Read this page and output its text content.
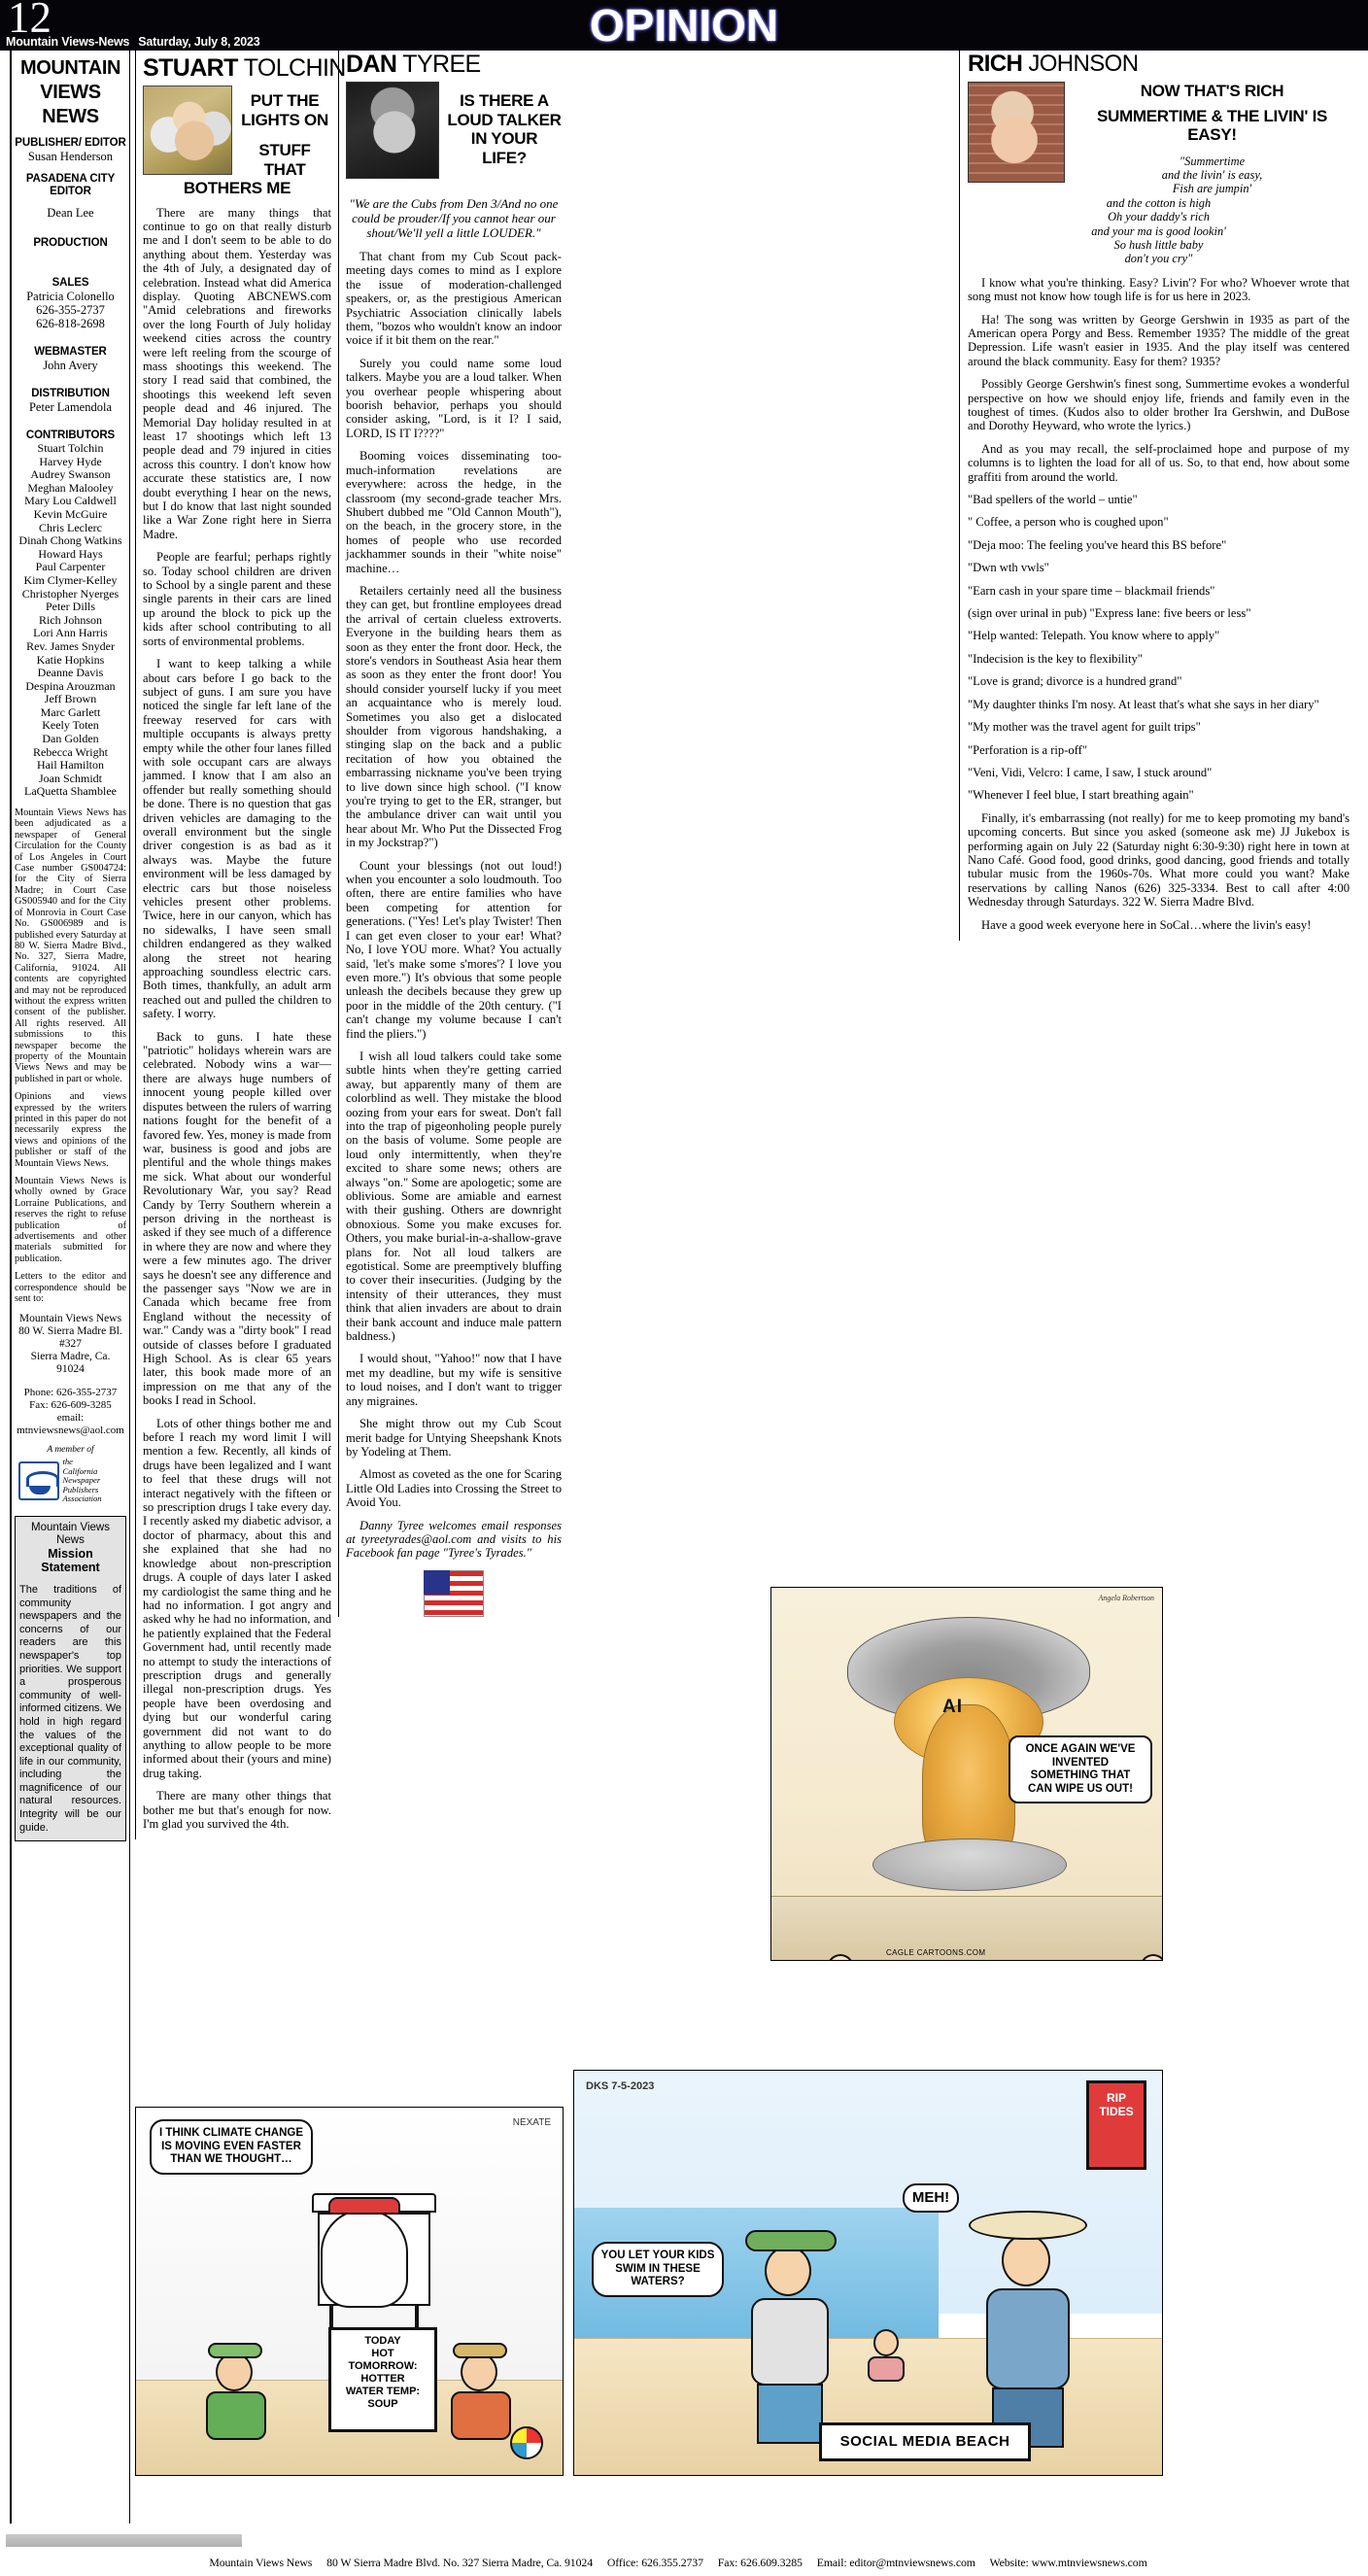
12
Mountain Views-News Saturday, July 8, 2023	OPINION
MOUNTAIN
VIEWS
NEWS
PUBLISHER/ EDITOR
Susan Henderson
PASADENA CITY EDITOR
Dean Lee
PRODUCTION
SALES
Patricia Colonello
626-355-2737
626-818-2698
WEBMASTER
John Avery
DISTRIBUTION
Peter Lamendola
CONTRIBUTORS
Stuart Tolchin
Harvey Hyde
Audrey Swanson
Meghan Malooley
Mary Lou Caldwell
Kevin McGuire
Chris Leclerc
Dinah Chong Watkins
Howard Hays
Paul Carpenter
Kim Clymer-Kelley
Christopher Nyerges
Peter Dills
Rich Johnson
Lori Ann Harris
Rev. James Snyder
Katie Hopkins
Deanne Davis
Despina Arouzman
Jeff Brown
Marc Garlett
Keely Toten
Dan Golden
Rebecca Wright
Hail Hamilton
Joan Schmidt
LaQuetta Shamblee

Mountain Views News has been adjudicated as a newspaper of General Circulation for the County of Los Angeles in Court Case number GS004724: for the City of Sierra Madre; in Court Case GS005940 and for the City of Monrovia in Court Case No. GS006989 and is published every Saturday at 80 W. Sierra Madre Blvd., No. 327, Sierra Madre, California, 91024. All contents are copyrighted and may not be reproduced without the express written consent of the publisher. All rights reserved. All submissions to this newspaper become the property of the Mountain Views News and may be published in part or whole.

Opinions and views expressed by the writers printed in this paper do not necessarily express the views and opinions of the publisher or staff of the Mountain Views News.

Mountain Views News is wholly owned by Grace Lorraine Publications, and reserves the right to refuse publication of advertisements and other materials submitted for publication.

Letters to the editor and correspondence should be sent to:

Mountain Views News
80 W. Sierra Madre Bl.
#327
Sierra Madre, Ca.
91024
Phone: 626-355-2737
Fax: 626-609-3285
email:
mtnviewsnews@aol.com
A member of
the
California
Newspaper
Publishers
Association
Mountain Views News
Mission Statement
The traditions of community newspapers and the concerns of our readers are this newspaper's top priorities. We support a prosperous community of well-informed citizens. We hold in high regard the values of the exceptional quality of life in our community, including the magnificence of our natural resources. Integrity will be our guide.
STUART TOLCHIN
PUT THE LIGHTS ON
STUFF THAT BOTHERS ME

There are many things that continue to go on that really disturb me and I don't seem to be able to do anything about them. Yesterday was the 4th of July, a designated day of celebration. Instead what did America display. Quoting ABCNEWS.com "Amid celebrations and fireworks over the long Fourth of July holiday weekend cities across the country were left reeling from the scourge of mass shootings this weekend. The story I read said that combined, the shootings this weekend left seven people dead and 46 injured. The Memorial Day holiday resulted in at least 17 shootings which left 13 people dead and 79 injured in cities across this country. I don't know how accurate these statistics are, I now doubt everything I hear on the news, but I do know that last night sounded like a War Zone right here in Sierra Madre.

People are fearful; perhaps rightly so. Today school children are driven to School by a single parent and these single parents in their cars are lined up around the block to pick up the kids after school contributing to all sorts of environmental problems.

I want to keep talking a while about cars before I go back to the subject of guns. I am sure you have noticed the single far left lane of the freeway reserved for cars with multiple occupants is always pretty empty while the other four lanes filled with sole occupant cars are always jammed. I know that I am also an offender but really something should be done. There is no question that gas driven vehicles are damaging to the overall environment but the single driver congestion is as bad as it always was. Maybe the future environment will be less damaged by electric cars but those noiseless vehicles present other problems. Twice, here in our canyon, which has no sidewalks, I have seen small children endangered as they walked along the street not hearing approaching soundless electric cars. Both times, thankfully, an adult arm reached out and pulled the children to safety. I worry.

Back to guns. I hate these "patriotic" holidays wherein wars are celebrated. Nobody wins a war—there are always huge numbers of innocent young people killed over disputes between the rulers of warring nations fought for the benefit of a favored few. Yes, money is made from war, business is good and jobs are plentiful and the whole things makes me sick. What about our wonderful Revolutionary War, you say? Read Candy by Terry Southern wherein a person driving in the northeast is asked if they see much of a difference in where they are now and where they were a few minutes ago. The driver says he doesn't see any difference and the passenger says "Now we are in Canada which became free from England without the necessity of war." Candy was a "dirty book" I read outside of classes before I graduated High School. As is clear 65 years later, this book made more of an impression on me that any of the books I read in School.

Lots of other things bother me and before I reach my word limit I will mention a few. Recently, all kinds of drugs have been legalized and I want to feel that these drugs will not interact negatively with the fifteen or so prescription drugs I take every day. I recently asked my diabetic advisor, a doctor of pharmacy, about this and she explained that she had no knowledge about non-prescription drugs. A couple of days later I asked my cardiologist the same thing and he had no information. I got angry and asked why he had no information, and he patiently explained that the Federal Government had, until recently made no attempt to study the interactions of prescription drugs and generally illegal non-prescription drugs. Yes people have been overdosing and dying but our wonderful caring government did not want to do anything to allow people to be more informed about their (yours and mine) drug taking.

There are many other things that bother me but that's enough for now. I'm glad you survived the 4th.

DAN TYREE
IS THERE A LOUD TALKER IN YOUR LIFE?
"We are the Cubs from Den 3/And no one could be prouder/If you cannot hear our shout/We'll yell a little LOUDER."

That chant from my Cub Scout pack-meeting days comes to mind as I explore the issue of moderation-challenged speakers, or, as the prestigious American Psychiatric Association clinically labels them, "bozos who wouldn't know an indoor voice if it bit them on the rear."

Surely you could name some loud talkers. Maybe you are a loud talker. When you overhear people whispering about boorish behavior, perhaps you should consider asking, "Lord, is it I? I said, LORD, IS IT I????"

Booming voices disseminating too-much-information revelations are everywhere: across the hedge, in the classroom (my second-grade teacher Mrs. Shubert dubbed me "Old Cannon Mouth"), on the beach, in the grocery store, in the homes of people who use recorded jackhammer sounds in their "white noise" machine…

Retailers certainly need all the business they can get, but frontline employees dread the arrival of certain clueless extroverts. Everyone in the building hears them as soon as they enter the front door. Heck, the store's vendors in Southeast Asia hear them as soon as they enter the front door! You should consider yourself lucky if you meet an acquaintance who is merely loud. Sometimes you also get a dislocated shoulder from vigorous handshaking, a stinging slap on the back and a public recitation of how you obtained the embarrassing nickname you've been trying to live down since high school. ("I know you're trying to get to the ER, stranger, but the ambulance driver can wait until you hear about Mr. Who Put the Dissected Frog in my Jockstrap?")

Count your blessings (not out loud!) when you encounter a solo loudmouth. Too often, there are entire families who have been competing for attention for generations. ("Yes! Let's play Twister! Then I can get even closer to your ear! What? No, I love YOU more. What? You actually said, 'let's make some s'mores'? I love you even more.") It's obvious that some people unleash the decibels because they grew up poor in the middle of the 20th century. ("I can't change my volume because I can't find the pliers.")

I wish all loud talkers could take some subtle hints when they're getting carried away, but apparently many of them are colorblind as well. They mistake the blood oozing from your ears for sweat. Don't fall into the trap of pigeonholing people purely on the basis of volume. Some people are loud only intermittently, when they're excited to share some news; others are always "on." Some are apologetic; some are oblivious. Some are amiable and earnest with their gushing. Others are downright obnoxious. Some you make excuses for. Others, you make burial-in-a-shallow-grave plans for. Not all loud talkers are egotistical. Some are preemptively bluffing to cover their insecurities. (Judging by the intensity of their utterances, they must think that alien invaders are about to drain their bank account and induce male pattern baldness.)

I would shout, "Yahoo!" now that I have met my deadline, but my wife is sensitive to loud noises, and I don't want to trigger any migraines.

She might throw out my Cub Scout merit badge for Untying Sheepshank Knots by Yodeling at Them.

Almost as coveted as the one for Scaring Little Old Ladies into Crossing the Street to Avoid You.

Danny Tyree welcomes email responses at tyreetyrades@aol.com and visits to his Facebook fan page "Tyree's Tyrades."

RICH JOHNSON
NOW THAT'S RICH
SUMMERTIME & THE LIVIN' IS EASY!
"Summertime
and the livin' is easy,
Fish are jumpin'
and the cotton is high
Oh your daddy's rich
and your ma is good lookin'
So hush little baby
don't you cry"

I know what you're thinking. Easy? Livin'? For who? Whoever wrote that song must not know how tough life is for us here in 2023.

Ha! The song was written by George Gershwin in 1935 as part of the American opera Porgy and Bess. Remember 1935? The middle of the great Depression. Life wasn't easier in 1935. And the play itself was centered around the black community. Easy for them? 1935?

Possibly George Gershwin's finest song, Summertime evokes a wonderful perspective on how we should enjoy life, friends and family even in the toughest of times. (Kudos also to older brother Ira Gershwin, and DuBose and Dorothy Heyward, who wrote the lyrics.)

And as you may recall, the self-proclaimed hope and purpose of my columns is to lighten the load for all of us. So, to that end, how about some graffiti from around the world.

"Bad spellers of the world – untie"

" Coffee, a person who is coughed upon"

"Deja moo: The feeling you've heard this BS before"

"Dwn wth vwls"

"Earn cash in your spare time – blackmail friends"

(sign over urinal in pub) "Express lane: five beers or less"

"Help wanted: Telepath. You know where to apply"

"Indecision is the key to flexibility"

"Love is grand; divorce is a hundred grand"

"My daughter thinks I'm nosy. At least that's what she says in her diary"

"My mother was the travel agent for guilt trips"

"Perforation is a rip-off"

"Veni, Vidi, Velcro: I came, I saw, I stuck around"

"Whenever I feel blue, I start breathing again"

Finally, it's embarrassing (not really) for me to keep promoting my band's upcoming concerts. But since you asked (someone ask me) JJ Jukebox is performing again on July 22 (Saturday night 6:30-9:30) right here in town at Nano Café. Good food, good drinks, good dancing, good friends and totally tubular music from the 1960s-70s. What more could you want? Make reservations by calling Nanos (626) 325-3334. Best to call after 4:00 Wednesday through Saturdays. 322 W. Sierra Madre Blvd.

Have a good week everyone here in SoCal…where the livin's easy!

AI
Angela Robertson
ONCE AGAIN WE'VE INVENTED SOMETHING THAT CAN WIPE US OUT!
CAGLE CARTOONS.COM
I THINK CLIMATE CHANGE IS MOVING EVEN FASTER THAN WE THOUGHT…
TODAY
HOT
TOMORROW:
HOTTER
WATER TEMP:
SOUP
NEXATE
DKS 7-5-2023
RIP TIDES
YOU LET YOUR KIDS SWIM IN THESE WATERS?
MEH!
SOCIAL MEDIA BEACH
Mountain Views News 80 W Sierra Madre Blvd. No. 327 Sierra Madre, Ca. 91024 Office: 626.355.2737 Fax: 626.609.3285 Email: editor@mtnviewsnews.com Website: www.mtnviewsnews.com
